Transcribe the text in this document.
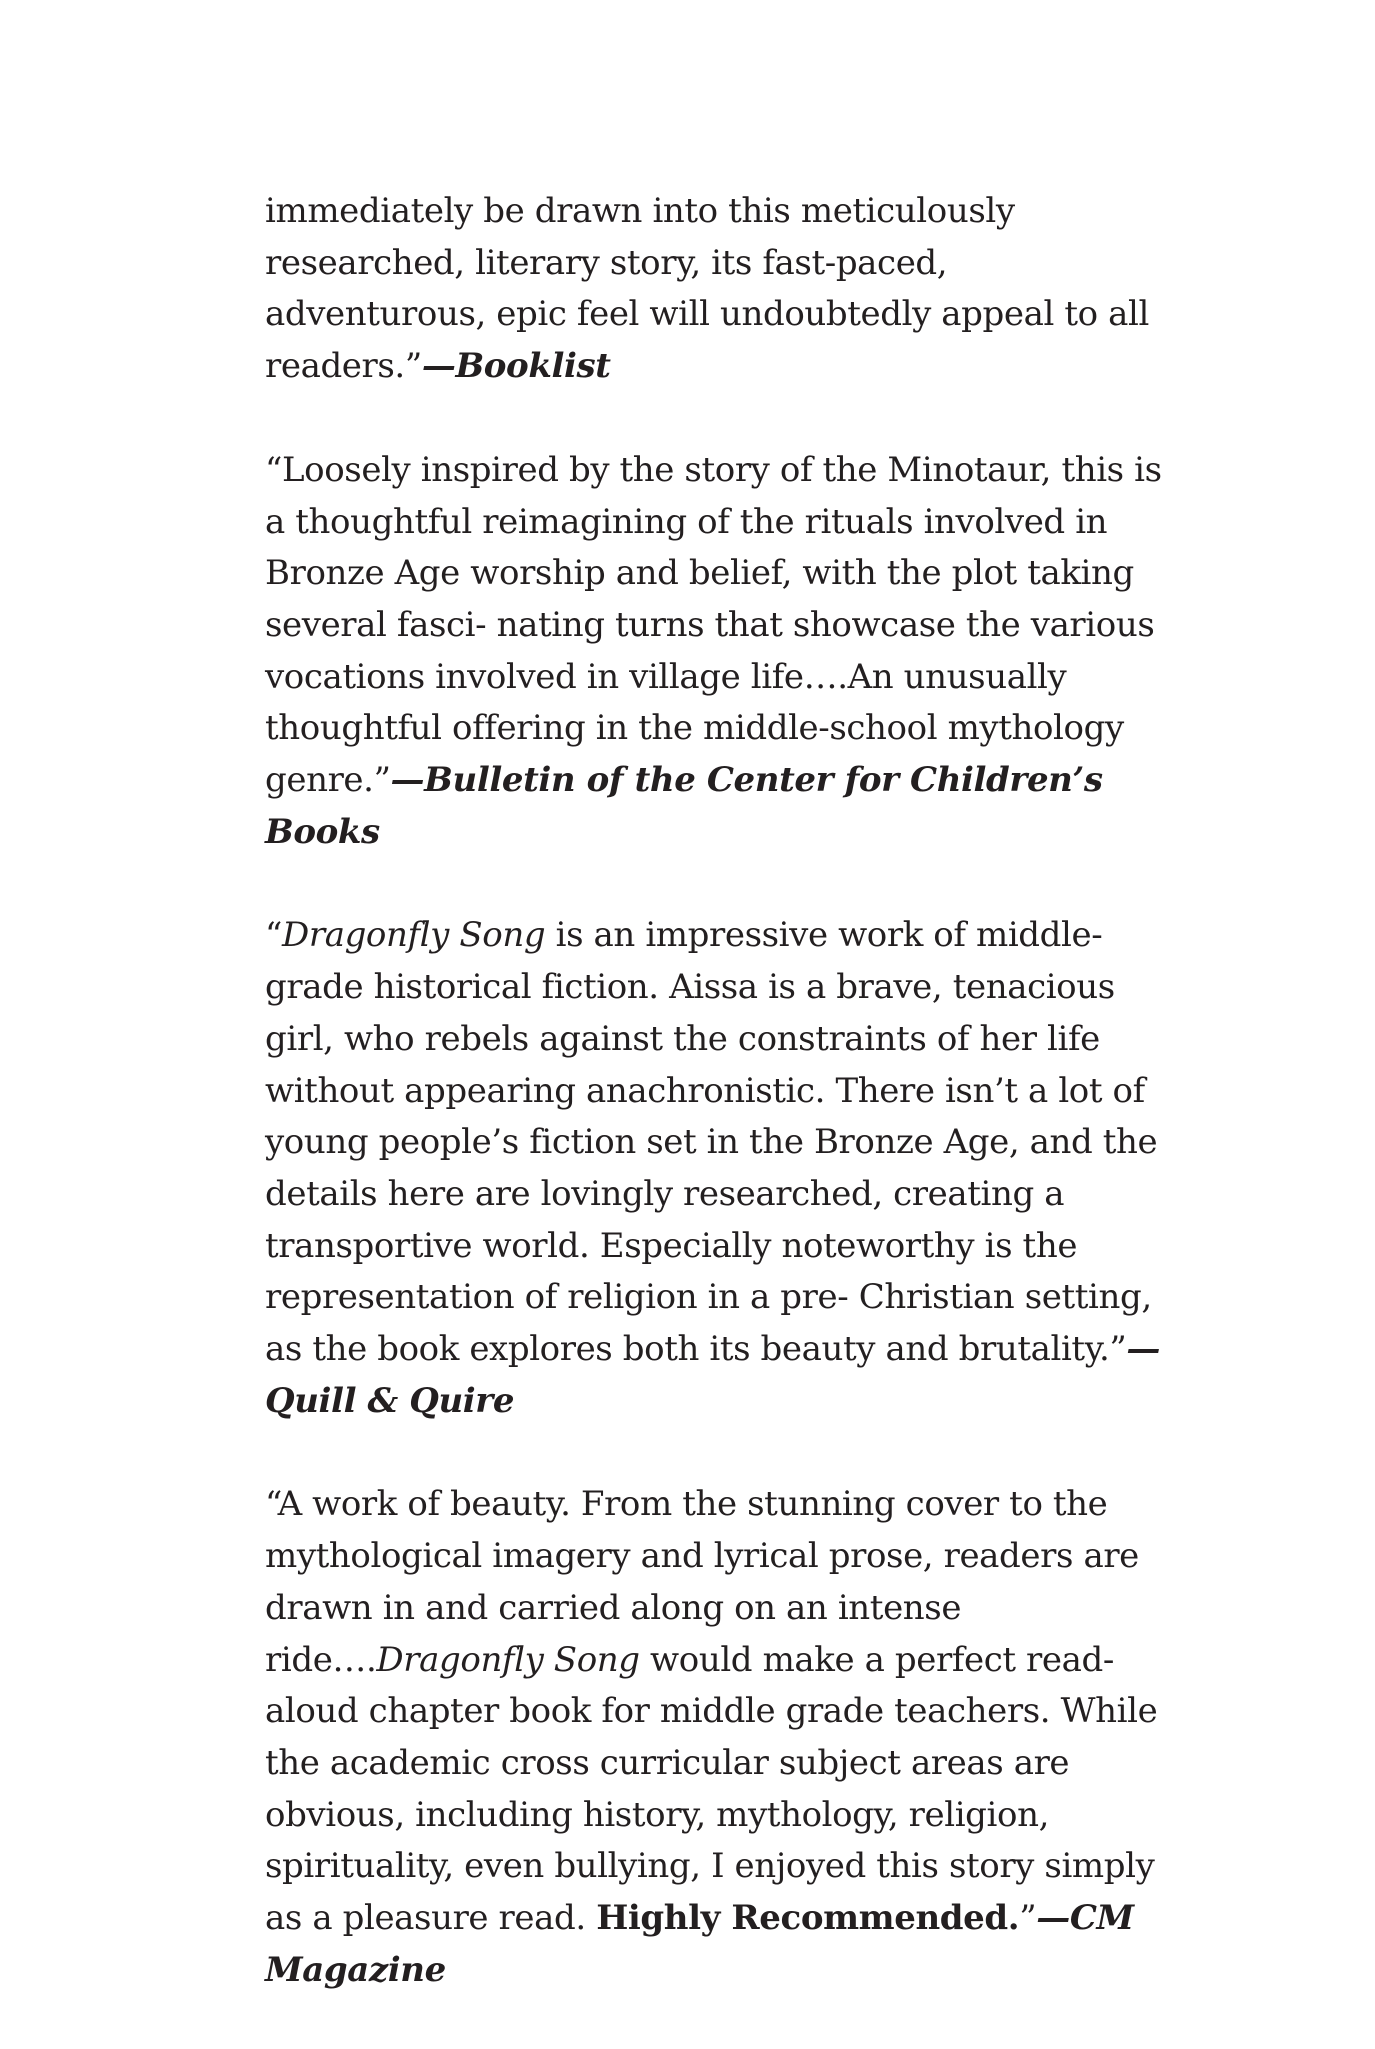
immediately be drawn into this meticulously researched, literary story, its fast-paced, adventurous, epic feel will undoubtedly appeal to all readers.”—Booklist

“Loosely inspired by the story of the Minotaur, this is a thoughtful reimagining of the rituals involved in Bronze Age worship and belief, with the plot taking several fasci- nating turns that showcase the various vocations involved in village life….An unusually thoughtful offering in the middle-school mythology genre.”—Bulletin of the Center for Children’s Books

“Dragonfly Song is an impressive work of middle-grade historical fiction. Aissa is a brave, tenacious girl, who rebels against the constraints of her life without appearing anachronistic. There isn’t a lot of young people’s fiction set in the Bronze Age, and the details here are lovingly researched, creating a transportive world. Especially noteworthy is the representation of religion in a pre- Christian setting, as the book explores both its beauty and brutality.”—Quill & Quire

“A work of beauty. From the stunning cover to the mythological imagery and lyrical prose, readers are drawn in and carried along on an intense ride….Dragonfly Song would make a perfect read-aloud chapter book for middle grade teachers. While the academic cross curricular subject areas are obvious, including history, mythology, religion, spirituality, even bullying, I enjoyed this story simply as a pleasure read. Highly Recommended.”—CM Magazine
